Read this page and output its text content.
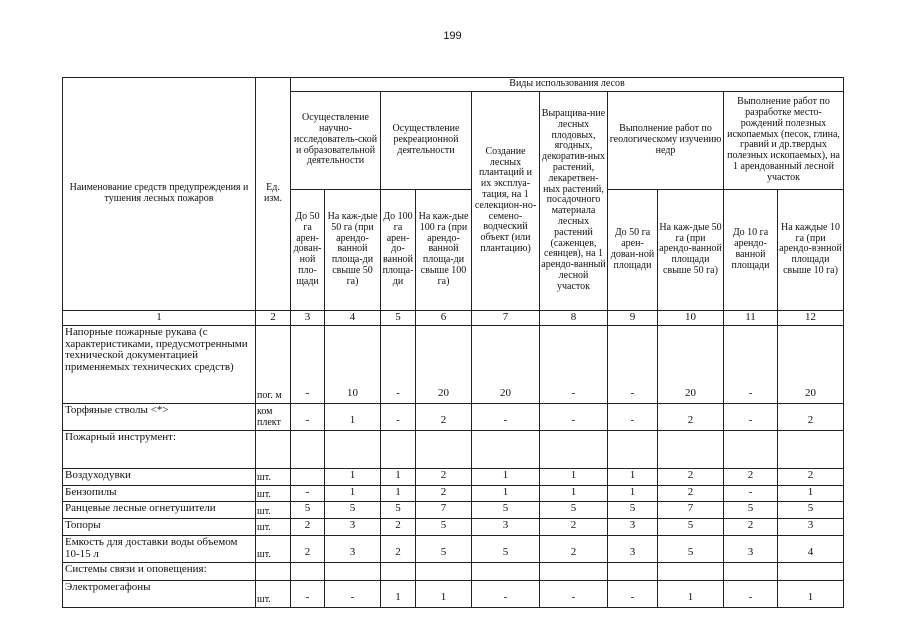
199
Наименование средств предупреждения и тушения лесных пожаров	Ед. изм.	Виды использования лесов									
		Осуществление научно-исследователь-ской и образовательной деятельности		Осуществление рекреационной деятельности		Создание лесных плантаций и их эксплуа-тация, на 1 селекцион-но-семено-водческий объект (или плантацию)	Выращива-ние лесных плодовых, ягодных, декоратив-ных растений, лекаретвен-ных растений, посадочного материала лесных растений (саженцев, сеянцев), на 1 арендо-ванный лесной участок	Выполнение работ по геологическому изучению недр		Выполнение работ по разработке место-рождений полезных ископаемых (песок, глина, гравий и др.твердых полезных ископаемых), на 1 арендованный лесной участок	
		До 50 га арен-дован-ной пло-щади	На каж-дые 50 га (при арендо-ванной площа-ди свыше 50 га)	До 100 га арен-до-ванной площа-ди	На каж-дые 100 га (при арендо-ванной площа-ди свыше 100 га)			До 50 га арен-дован-ной площади	На каж-дые 50 га (при арендо-ванной площади свыше 50 га)	До 10 га арендо-ванной площади	На каждые 10 га (при арендо-вэнной площади свыше 10 га)
1	2	3	4	5	6	7	8	9	10	11	12
Напорные пожарные рукава (с характеристиками, предусмотренными технической документацией применяемых технических средств)	пог. м	-	10	-	20	20	-	-	20	-	20
Торфяные стволы <*>	ком плект	-	1	-	2	-	-	-	2	-	2
Пожарный инструмент:											
Воздуходувки	шт.		1	1	2	1	1	1	2	2	2
Бензопилы	шт.	-	1	1	2	1	1	1	2	-	1
Ранцевые лесные огнетушители	шт.	5	5	5	7	5	5	5	7	5	5
Топоры	шт.	2	3	2	5	3	2	3	5	2	3
Емкость для доставки воды объемом 10-15 л	шт.	2	3	2	5	5	2	3	5	3	4
Системы связи и оповещения:											
Электромегафоны	шт.	-	-	1	1	-	-	-	1	-	1
